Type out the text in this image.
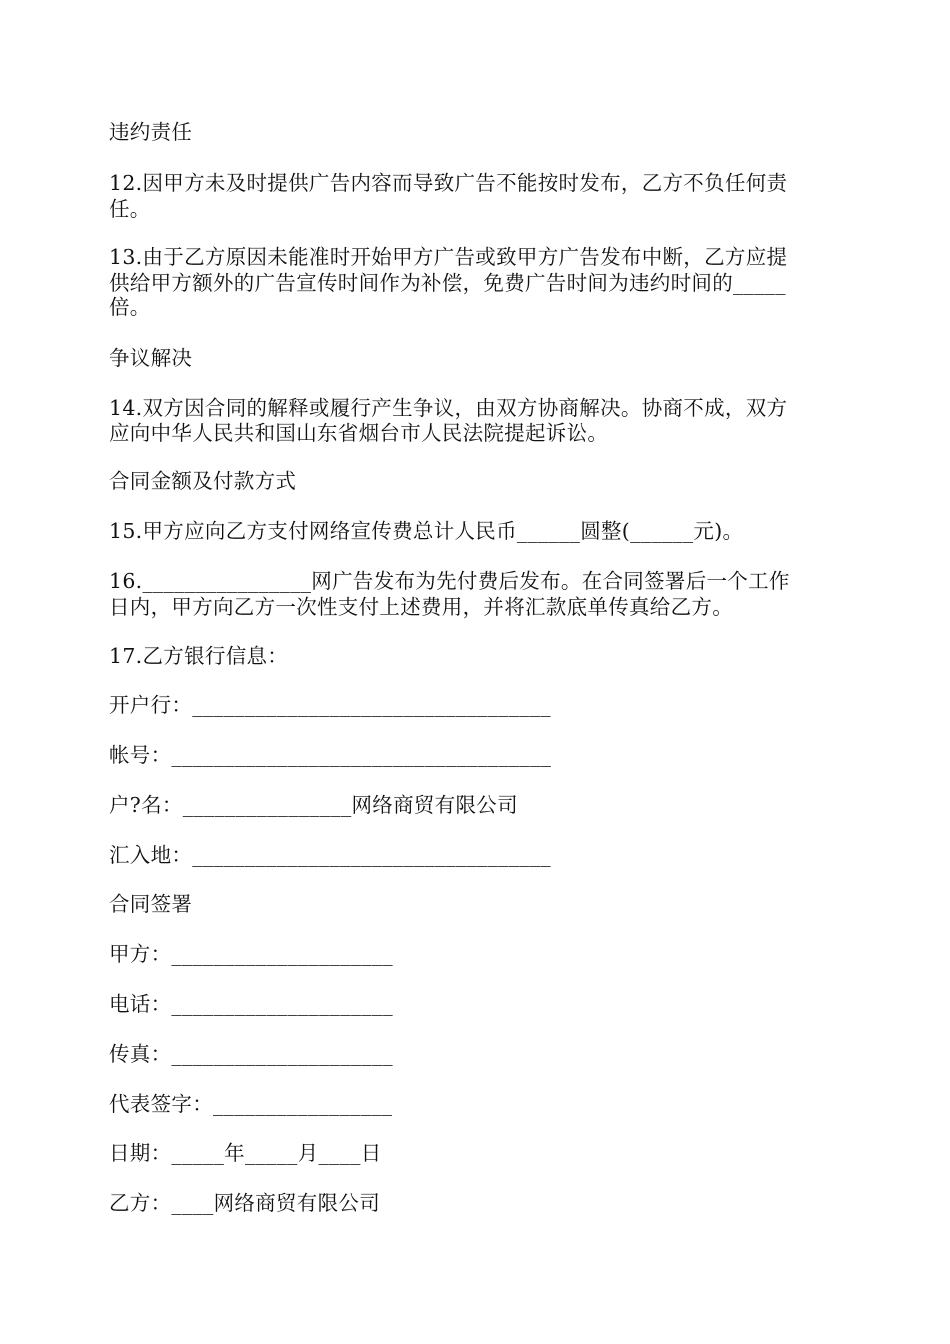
违约责任
12.因甲方未及时提供广告内容而导致广告不能按时发布，乙方不负任何责
任。
13.由于乙方原因未能准时开始甲方广告或致甲方广告发布中断，乙方应提
供给甲方额外的广告宣传时间作为补偿，免费广告时间为违约时间的_____
倍。
争议解决
14.双方因合同的解释或履行产生争议，由双方协商解决。协商不成，双方
应向中华人民共和国山东省烟台市人民法院提起诉讼。
合同金额及付款方式
15.甲方应向乙方支付网络宣传费总计人民币______圆整(______元)。
16.________________网广告发布为先付费后发布。在合同签署后一个工作
日内，甲方向乙方一次性支付上述费用，并将汇款底单传真给乙方。
17.乙方银行信息：
开户行：__________________________________
帐号：____________________________________
户?名：________________网络商贸有限公司
汇入地：__________________________________
合同签署
甲方：_____________________
电话：_____________________
传真：_____________________
代表签字：_________________
日期：_____年_____月____日
乙方：____网络商贸有限公司
